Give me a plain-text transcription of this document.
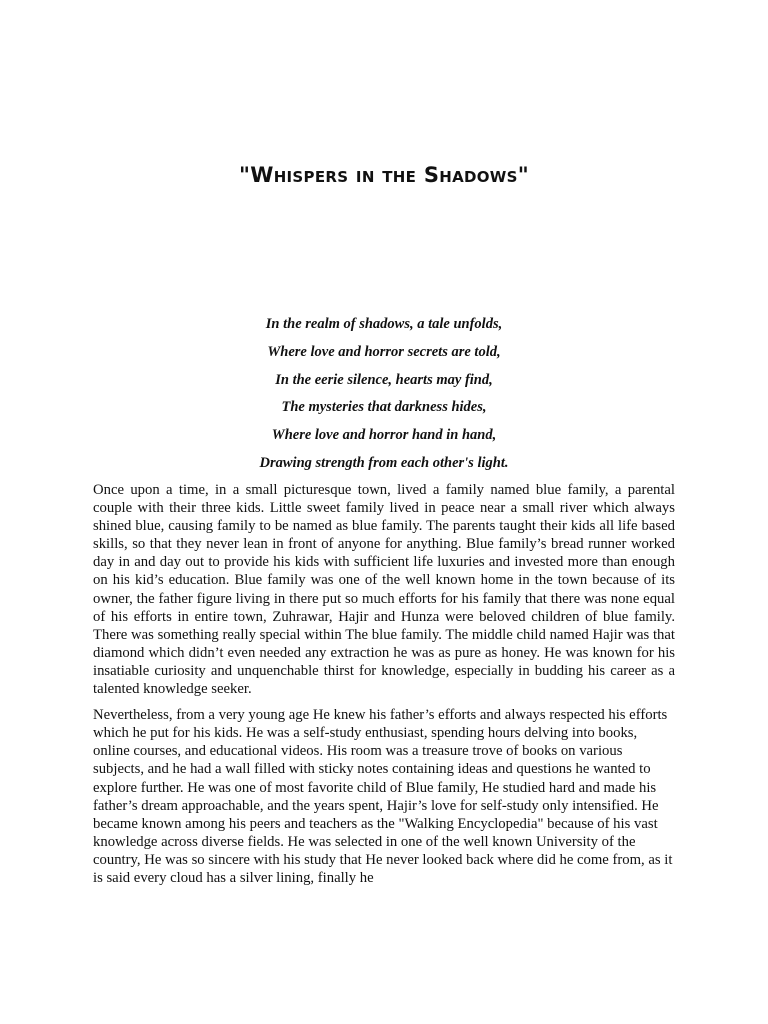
"Whispers in the Shadows"
In the realm of shadows, a tale unfolds,
Where love and horror secrets are told,
In the eerie silence, hearts may find,
The mysteries that darkness hides,
Where love and horror hand in hand,
Drawing strength from each other's light.

Once upon a time, in a small picturesque town, lived a family named blue family, a parental couple with their three kids. Little sweet family lived in peace near a small river which always shined blue, causing family to be named as blue family. The parents taught their kids all life based skills, so that they never lean in front of anyone for anything. Blue family’s bread runner worked day in and day out to provide his kids with sufficient life luxuries and invested more than enough on his kid’s education. Blue family was one of the well known home in the town because of its owner, the father figure living in there put so much efforts for his family that there was none equal of his efforts in entire town, Zuhrawar, Hajir and Hunza were beloved children of blue family. There was something really special within The blue family. The middle child named Hajir was that diamond which didn’t even needed any extraction he was as pure as honey. He was known for his insatiable curiosity and unquenchable thirst for knowledge, especially in budding his career as a talented knowledge seeker.

Nevertheless, from a very young age He knew his father’s efforts and always respected his efforts which he put for his kids. He was a self-study enthusiast, spending hours delving into books, online courses, and educational videos. His room was a treasure trove of books on various subjects, and he had a wall filled with sticky notes containing ideas and questions he wanted to explore further. He was one of most favorite child of Blue family, He studied hard and made his father’s dream approachable, and the years spent, Hajir’s love for self-study only intensified. He became known among his peers and teachers as the "Walking Encyclopedia" because of his vast knowledge across diverse fields. He was selected in one of the well known University of the country, He was so sincere with his study that He never looked back where did he come from, as it is said every cloud has a silver lining, finally he
